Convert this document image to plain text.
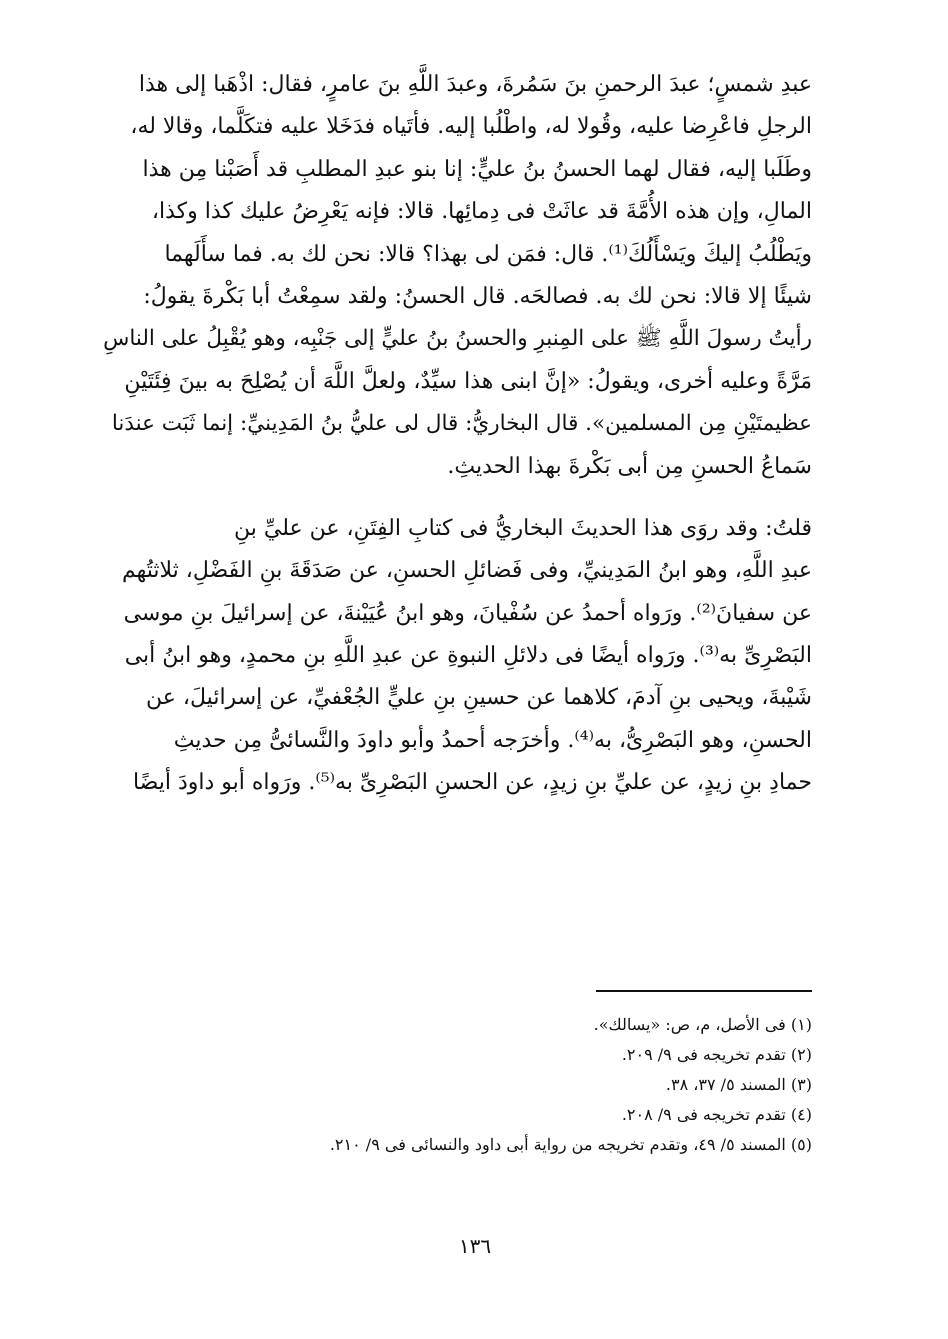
عبدِ شمسٍ؛ عبدَ الرحمنِ بنَ سَمُرةَ، وعبدَ اللَّهِ بنَ عامرٍ، فقال: اذْهَبا إلى هذا
الرجلِ فاعْرِضا عليه، وقُولا له، واطْلُبا إليه. فأتَياه فدَخَلا عليه فتكَلَّما، وقالا له،
وطَلَبا إليه، فقال لهما الحسنُ بنُ عليٍّ: إنا بنو عبدِ المطلبِ قد أَصَبْنا مِن هذا
المالِ، وإن هذه الأُمَّةَ قد عاثَتْ فى دِمائِها. قالا: فإنه يَعْرِضُ عليك كذا وكذا،
ويَطْلُبُ إليكَ ويَسْأَلُكَ⁽¹⁾. قال: فمَن لى بهذا؟ قالا: نحن لك به. فما سأَلَهما
شيئًا إلا قالا: نحن لك به. فصالحَه. قال الحسنُ: ولقد سمِعْتُ أبا بَكْرةَ يقولُ:
رأيتُ رسولَ اللَّهِ ﷺ على المِنبرِ والحسنُ بنُ عليٍّ إلى جَنْبِه، وهو يُقْبِلُ على الناسِ
مَرَّةً وعليه أخرى، ويقولُ: «إنَّ ابنى هذا سيِّدٌ، ولعلَّ اللَّهَ أن يُصْلِحَ به بينَ فِئَتَيْنِ
عظيمتَيْنِ مِن المسلمين». قال البخاريُّ: قال لى عليُّ بنُ المَدِينيِّ: إنما ثَبَت عندَنا
سَماعُ الحسنِ مِن أبى بَكْرةَ بهذا الحديثِ.
قلتُ: وقد روَى هذا الحديثَ البخاريُّ فى كتابِ الفِتَنِ، عن عليِّ بنِ
عبدِ اللَّهِ، وهو ابنُ المَدِينيِّ، وفى فَضائلِ الحسنِ، عن صَدَقَةَ بنِ الفَضْلِ، ثلاثتُهم
عن سفيانَ⁽²⁾. ورَواه أحمدُ عن سُفْيانَ، وهو ابنُ عُيَيْنةَ، عن إسرائيلَ بنِ موسى
البَصْرِىِّ به⁽³⁾. ورَواه أيضًا فى دلائلِ النبوةِ عن عبدِ اللَّهِ بنِ محمدٍ، وهو ابنُ أبى
شَيْبةَ، ويحيى بنِ آدمَ، كلاهما عن حسينِ بنِ عليٍّ الجُعْفيِّ، عن إسرائيلَ، عن
الحسنِ، وهو البَصْرِىُّ، به⁽⁴⁾. وأخرَجه أحمدُ وأبو داودَ والنَّسائىُّ مِن حديثِ
حمادِ بنِ زيدٍ، عن عليِّ بنِ زيدٍ، عن الحسنِ البَصْرِىِّ به⁽⁵⁾. ورَواه أبو داودَ أيضًا
(١) فى الأصل، م، ص: «يسالك».
(٢) تقدم تخريجه فى ٩/ ٢٠٩.
(٣) المسند ٥/ ٣٧، ٣٨.
(٤) تقدم تخريجه فى ٩/ ٢٠٨.
(٥) المسند ٥/ ٤٩، وتقدم تخريجه من رواية أبى داود والنسائى فى ٩/ ٢١٠.
١٣٦
